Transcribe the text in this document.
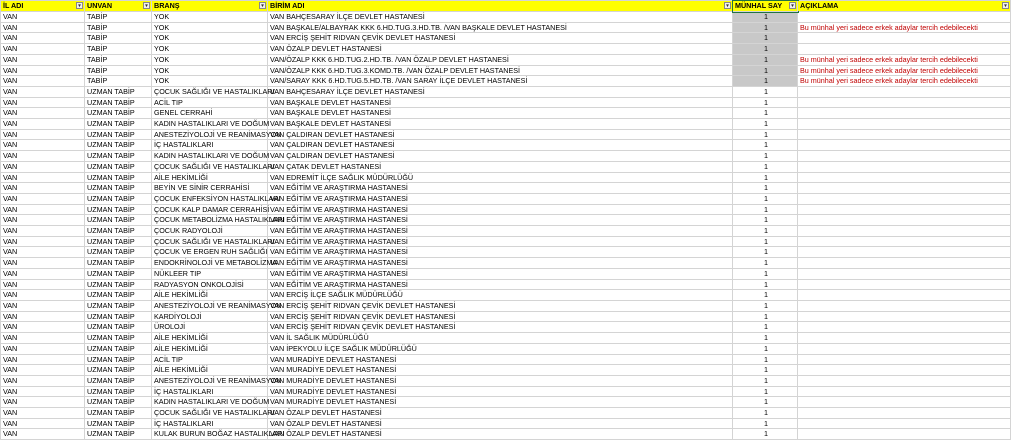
İL ADI ▾	UNVAN ▾	BRANŞ ▾	BİRİM ADI ▾	MÜNHAL SAY ▾	AÇIKLAMA ▾

VAN	TABİP	YOK	VAN BAHÇESARAY İLÇE DEVLET HASTANESİ	1	
VAN	TABİP	YOK	VAN BAŞKALE/ALBAYRAK KKK 6.HD.TUG.3.HD.TB. /VAN BAŞKALE DEVLET HASTANESİ	1	Bu münhal yeri sadece erkek adaylar tercih edebilecekti
VAN	TABİP	YOK	VAN ERCİŞ ŞEHİT RIDVAN ÇEVİK DEVLET HASTANESİ	1	
VAN	TABİP	YOK	VAN ÖZALP DEVLET HASTANESİ	1	
VAN	TABİP	YOK	VAN/ÖZALP KKK 6.HD.TUG.2.HD.TB. /VAN ÖZALP DEVLET HASTANESİ	1	Bu münhal yeri sadece erkek adaylar tercih edebilecekti
VAN	TABİP	YOK	VAN/ÖZALP KKK 6.HD.TUG.3.KOMD.TB. /VAN ÖZALP DEVLET HASTANESİ	1	Bu münhal yeri sadece erkek adaylar tercih edebilecekti
VAN	TABİP	YOK	VAN/SARAY KKK 6.HD.TUG.5.HD.TB. /VAN SARAY İLÇE DEVLET HASTANESİ	1	Bu münhal yeri sadece erkek adaylar tercih edebilecekti
VAN	UZMAN TABİP	ÇOCUK SAĞLIĞI VE HASTALIKLARI	VAN BAHÇESARAY İLÇE DEVLET HASTANESİ	1	
VAN	UZMAN TABİP	ACİL TIP	VAN BAŞKALE DEVLET HASTANESİ	1	
VAN	UZMAN TABİP	GENEL CERRAHİ	VAN BAŞKALE DEVLET HASTANESİ	1	
VAN	UZMAN TABİP	KADIN HASTALIKLARI VE DOĞUM	VAN BAŞKALE DEVLET HASTANESİ	1	
VAN	UZMAN TABİP	ANESTEZİYOLOJİ VE REANİMASYON	VAN ÇALDIRAN DEVLET HASTANESİ	1	
VAN	UZMAN TABİP	İÇ HASTALIKLARI	VAN ÇALDIRAN DEVLET HASTANESİ	1	
VAN	UZMAN TABİP	KADIN HASTALIKLARI VE DOĞUM	VAN ÇALDIRAN DEVLET HASTANESİ	1	
VAN	UZMAN TABİP	ÇOCUK SAĞLIĞI VE HASTALIKLARI	VAN ÇATAK DEVLET HASTANESİ	1	
VAN	UZMAN TABİP	AİLE HEKİMLİĞİ	VAN EDREMİT İLÇE SAĞLIK MÜDÜRLÜĞÜ	1	
VAN	UZMAN TABİP	BEYİN VE SİNİR CERRAHİSİ	VAN EĞİTİM VE ARAŞTIRMA HASTANESİ	1	
VAN	UZMAN TABİP	ÇOCUK ENFEKSİYON HASTALIKLARI	VAN EĞİTİM VE ARAŞTIRMA HASTANESİ	1	
VAN	UZMAN TABİP	ÇOCUK KALP DAMAR CERRAHİSİ	VAN EĞİTİM VE ARAŞTIRMA HASTANESİ	1	
VAN	UZMAN TABİP	ÇOCUK METABOLİZMA HASTALIKLARI	VAN EĞİTİM VE ARAŞTIRMA HASTANESİ	1	
VAN	UZMAN TABİP	ÇOCUK RADYOLOJİ	VAN EĞİTİM VE ARAŞTIRMA HASTANESİ	1	
VAN	UZMAN TABİP	ÇOCUK SAĞLIĞI VE HASTALIKLARI	VAN EĞİTİM VE ARAŞTIRMA HASTANESİ	1	
VAN	UZMAN TABİP	ÇOCUK VE ERGEN RUH SAĞLIĞI	VAN EĞİTİM VE ARAŞTIRMA HASTANESİ	1	
VAN	UZMAN TABİP	ENDOKRİNOLOJİ VE METABOLİZMA	VAN EĞİTİM VE ARAŞTIRMA HASTANESİ	1	
VAN	UZMAN TABİP	NÜKLEER TIP	VAN EĞİTİM VE ARAŞTIRMA HASTANESİ	1	
VAN	UZMAN TABİP	RADYASYON ONKOLOJİSİ	VAN EĞİTİM VE ARAŞTIRMA HASTANESİ	1	
VAN	UZMAN TABİP	AİLE HEKİMLİĞİ	VAN ERCİŞ İLÇE SAĞLIK MÜDÜRLÜĞÜ	1	
VAN	UZMAN TABİP	ANESTEZİYOLOJİ VE REANİMASYON	VAN ERCİŞ ŞEHİT RIDVAN ÇEVİK DEVLET HASTANESİ	1	
VAN	UZMAN TABİP	KARDİYOLOJİ	VAN ERCİŞ ŞEHİT RIDVAN ÇEVİK DEVLET HASTANESİ	1	
VAN	UZMAN TABİP	ÜROLOJİ	VAN ERCİŞ ŞEHİT RIDVAN ÇEVİK DEVLET HASTANESİ	1	
VAN	UZMAN TABİP	AİLE HEKİMLİĞİ	VAN İL SAĞLIK MÜDÜRLÜĞÜ	1	
VAN	UZMAN TABİP	AİLE HEKİMLİĞİ	VAN İPEKYOLU İLÇE SAĞLIK MÜDÜRLÜĞÜ	1	
VAN	UZMAN TABİP	ACİL TIP	VAN MURADİYE DEVLET HASTANESİ	1	
VAN	UZMAN TABİP	AİLE HEKİMLİĞİ	VAN MURADİYE DEVLET HASTANESİ	1	
VAN	UZMAN TABİP	ANESTEZİYOLOJİ VE REANİMASYON	VAN MURADİYE DEVLET HASTANESİ	1	
VAN	UZMAN TABİP	İÇ HASTALIKLARI	VAN MURADİYE DEVLET HASTANESİ	1	
VAN	UZMAN TABİP	KADIN HASTALIKLARI VE DOĞUM	VAN MURADİYE DEVLET HASTANESİ	1	
VAN	UZMAN TABİP	ÇOCUK SAĞLIĞI VE HASTALIKLARI	VAN ÖZALP DEVLET HASTANESİ	1	
VAN	UZMAN TABİP	İÇ HASTALIKLARI	VAN ÖZALP DEVLET HASTANESİ	1	
VAN	UZMAN TABİP	KULAK BURUN BOĞAZ HASTALIKLARI	VAN ÖZALP DEVLET HASTANESİ	1	
